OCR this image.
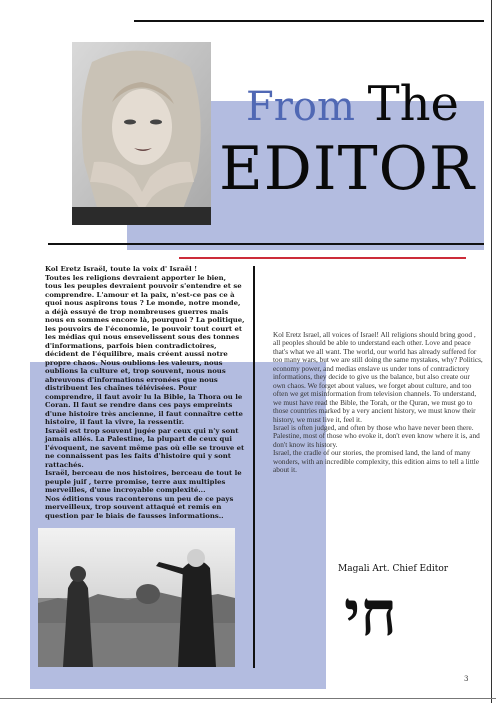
From The
EDITOR

Kol Eretz Israël, toute la voix d' Israël !

Toutes les religions devraient apporter le bien, tous les peuples devraient pouvoir s'entendre et se comprendre. L'amour et la paix, n'est-ce pas ce à quoi nous aspirons tous ? Le monde, notre monde, a déjà essuyé de trop nombreuses guerres mais nous en sommes encore là, pourquoi ? La politique, les pouvoirs de l'économie, le pouvoir tout court et les médias qui nous ensevelissent sous des tonnes d'informations, parfois bien contradictoires, décident de l'équilibre, mais créent aussi notre propre chaos. Nous oublions les valeurs, nous oublions la culture et, trop souvent, nous nous abreuvons d'informations erronées que nous distribuent les chaînes télévisées. Pour comprendre, il faut avoir lu la Bible, la Thora ou le Coran. Il faut se rendre dans ces pays empreints d'une histoire très ancienne, il faut connaître cette histoire, il faut la vivre, la ressentir.

Israël est trop souvent jugée par ceux qui n'y sont jamais allés. La Palestine, la plupart de ceux qui l'évoquent, ne savent même pas où elle se trouve et ne connaissent pas les faits d'histoire qui y sont rattachés.

Israël, berceau de nos histoires, berceau de tout le peuple juif , terre promise, terre aux multiples merveilles, d'une incroyable complexité...

Nos éditions vous raconterons un peu de ce pays merveilleux, trop souvent attaqué et remis en question par le biais de fausses informations..

Kol Eretz Israel, all voices of Israel! All religions should bring good , all peoples should be able to understand each other. Love and peace that's what we all want. The world, our world has already suffered for too many wars, but we are still doing the same mystakes, why? Politics, economy power, and medias enslave us under tons of contradictory informations, they decide to give us the balance, but also create our own chaos. We forget about values, we forget about culture, and too often we get misinformation from television channels. To understand, we must have read the Bible, the Torah, or the Quran, we must go to those countries marked by a very ancient history, we must know their history, we must live it, feel it.

Israel is often judged, and often by those who have never been there. Palestine, most of those who evoke it, don't even know where it is, and don't know its history.

Israel, the cradle of our stories, the promised land, the land of many wonders, with an incredible complexity, this edition aims to tell a little about it.

Magali Art. Chief Editor
חי
3
